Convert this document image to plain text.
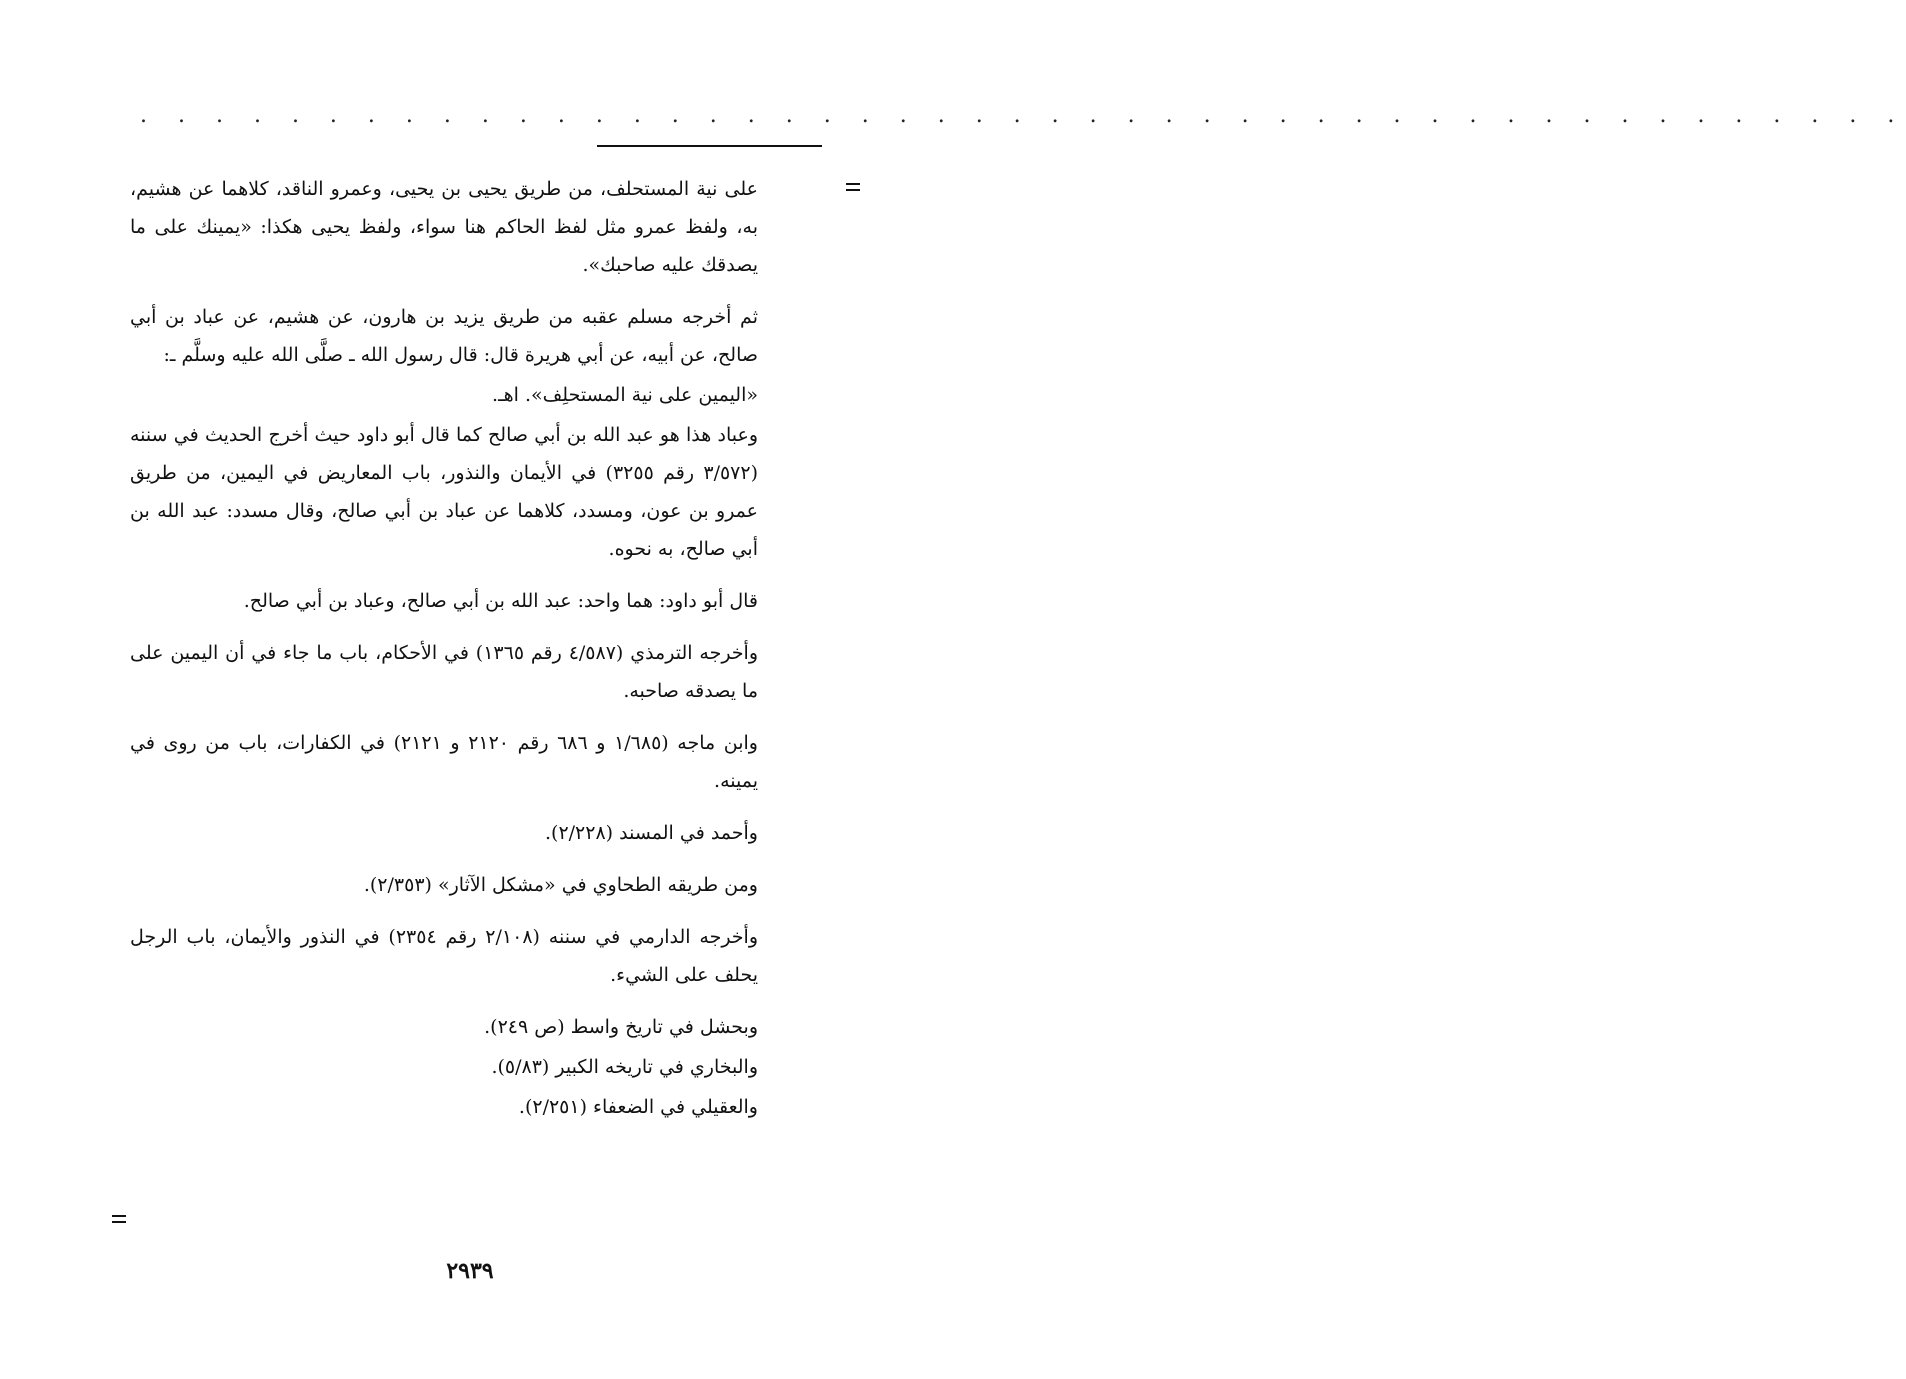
. . . . . . . . . . . . . . . . . . . . . . . . . . . . . . . . . . . . . . . . . . . . . . .

على نية المستحلف، من طريق يحيى بن يحيى، وعمرو الناقد، كلاهما عن هشيم، به، ولفظ عمرو مثل لفظ الحاكم هنا سواء، ولفظ يحيى هكذا: «يمينك على ما يصدقك عليه صاحبك».

ثم أخرجه مسلم عقبه من طريق يزيد بن هارون، عن هشيم، عن عباد بن أبي صالح، عن أبيه، عن أبي هريرة قال: قال رسول الله ـ صلَّى الله عليه وسلَّم ـ:

«اليمين على نية المستحلِف». اهـ.

وعباد هذا هو عبد الله بن أبي صالح كما قال أبو داود حيث أخرج الحديث في سننه (٣/٥٧٢ رقم ٣٢٥٥) في الأيمان والنذور، باب المعاريض في اليمين، من طريق عمرو بن عون، ومسدد، كلاهما عن عباد بن أبي صالح، وقال مسدد: عبد الله بن أبي صالح، به نحوه.

قال أبو داود: هما واحد: عبد الله بن أبي صالح، وعباد بن أبي صالح.

وأخرجه الترمذي (٤/٥٨٧ رقم ١٣٦٥) في الأحكام، باب ما جاء في أن اليمين على ما يصدقه صاحبه.

وابن ماجه (١/٦٨٥ و ٦٨٦ رقم ٢١٢٠ و ٢١٢١) في الكفارات، باب من روى في يمينه.

وأحمد في المسند (٢/٢٢٨).

ومن طريقه الطحاوي في «مشكل الآثار» (٢/٣٥٣).

وأخرجه الدارمي في سننه (٢/١٠٨ رقم ٢٣٥٤) في النذور والأيمان، باب الرجل يحلف على الشيء.

وبحشل في تاريخ واسط (ص ٢٤٩).

والبخاري في تاريخه الكبير (٥/٨٣).

والعقيلي في الضعفاء (٢/٢٥١).

٢٩٣٩
